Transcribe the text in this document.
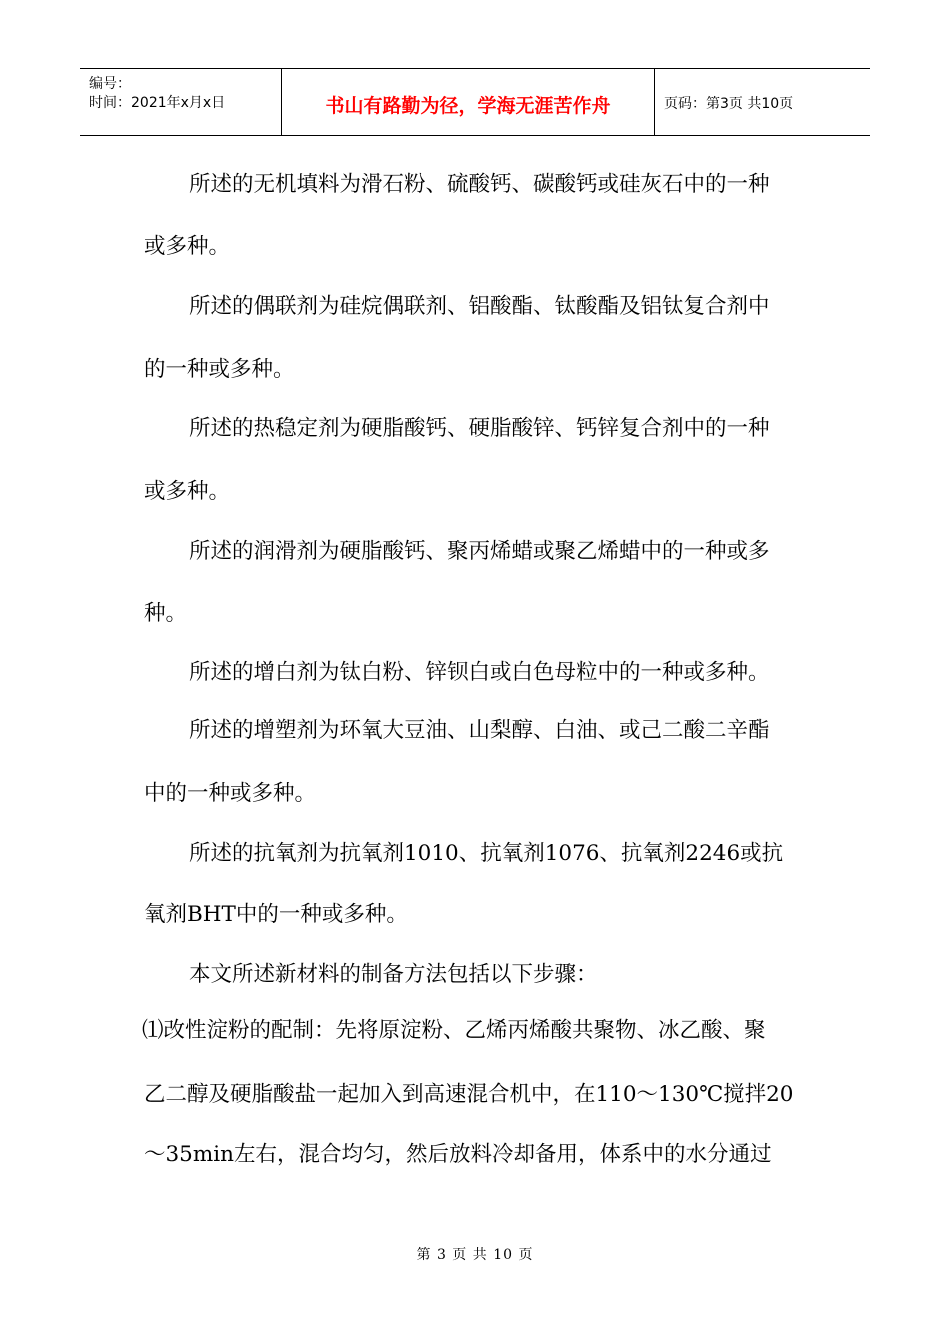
编号：
时间：2021年x月x日	书山有路勤为径，学海无涯苦作舟	页码：第3页 共10页
所述的无机填料为滑石粉、硫酸钙、碳酸钙或硅灰石中的一种
或多种。
所述的偶联剂为硅烷偶联剂、铝酸酯、钛酸酯及铝钛复合剂中
的一种或多种。
所述的热稳定剂为硬脂酸钙、硬脂酸锌、钙锌复合剂中的一种
或多种。
所述的润滑剂为硬脂酸钙、聚丙烯蜡或聚乙烯蜡中的一种或多
种。
所述的增白剂为钛白粉、锌钡白或白色母粒中的一种或多种。
所述的增塑剂为环氧大豆油、山梨醇、白油、或己二酸二辛酯
中的一种或多种。
所述的抗氧剂为抗氧剂1010、抗氧剂1076、抗氧剂2246或抗
氧剂BHT中的一种或多种。
本文所述新材料的制备方法包括以下步骤：
⑴改性淀粉的配制：先将原淀粉、乙烯丙烯酸共聚物、冰乙酸、聚
乙二醇及硬脂酸盐一起加入到高速混合机中，在110～130℃搅拌20
～35min左右，混合均匀，然后放料冷却备用，体系中的水分通过
第 3 页 共 10 页
